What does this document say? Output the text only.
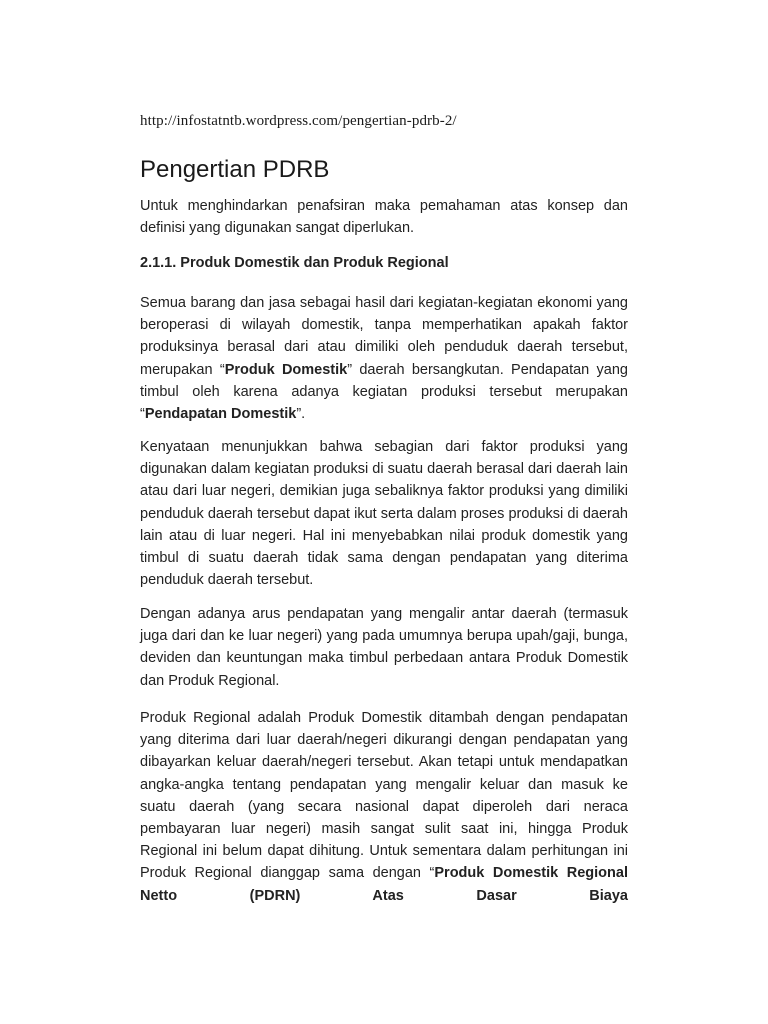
http://infostatntb.wordpress.com/pengertian-pdrb-2/
Pengertian PDRB

Untuk menghindarkan penafsiran maka pemahaman atas konsep dan definisi yang digunakan sangat diperlukan.

2.1.1. Produk Domestik dan Produk Regional

Semua barang dan jasa sebagai hasil dari kegiatan-kegiatan ekonomi yang beroperasi di wilayah domestik, tanpa memperhatikan apakah faktor produksinya berasal dari atau dimiliki oleh penduduk daerah tersebut, merupakan “Produk Domestik” daerah bersangkutan. Pendapatan yang timbul oleh karena adanya kegiatan produksi tersebut merupakan “Pendapatan Domestik”.

Kenyataan menunjukkan bahwa sebagian dari faktor produksi yang digunakan dalam kegiatan produksi di suatu daerah berasal dari daerah lain atau dari luar negeri, demikian juga sebaliknya faktor produksi yang dimiliki penduduk daerah tersebut dapat ikut serta dalam proses produksi di daerah lain atau di luar negeri. Hal ini menyebabkan nilai produk domestik yang timbul di suatu daerah tidak sama dengan pendapatan yang diterima penduduk daerah tersebut.

Dengan adanya arus pendapatan yang mengalir antar daerah (termasuk juga dari dan ke luar negeri) yang pada umumnya berupa upah/gaji, bunga, deviden dan keuntungan maka timbul perbedaan antara Produk Domestik dan Produk Regional.

Produk Regional adalah Produk Domestik ditambah dengan pendapatan yang diterima dari luar daerah/negeri dikurangi dengan pendapatan yang dibayarkan keluar daerah/negeri tersebut. Akan tetapi untuk mendapatkan angka-angka tentang pendapatan yang mengalir keluar dan masuk ke suatu daerah (yang secara nasional dapat diperoleh dari neraca pembayaran luar negeri) masih sangat sulit saat ini, hingga Produk Regional ini belum dapat dihitung. Untuk sementara dalam perhitungan ini Produk Regional dianggap sama dengan “Produk Domestik Regional Netto (PDRN) Atas Dasar Biaya
